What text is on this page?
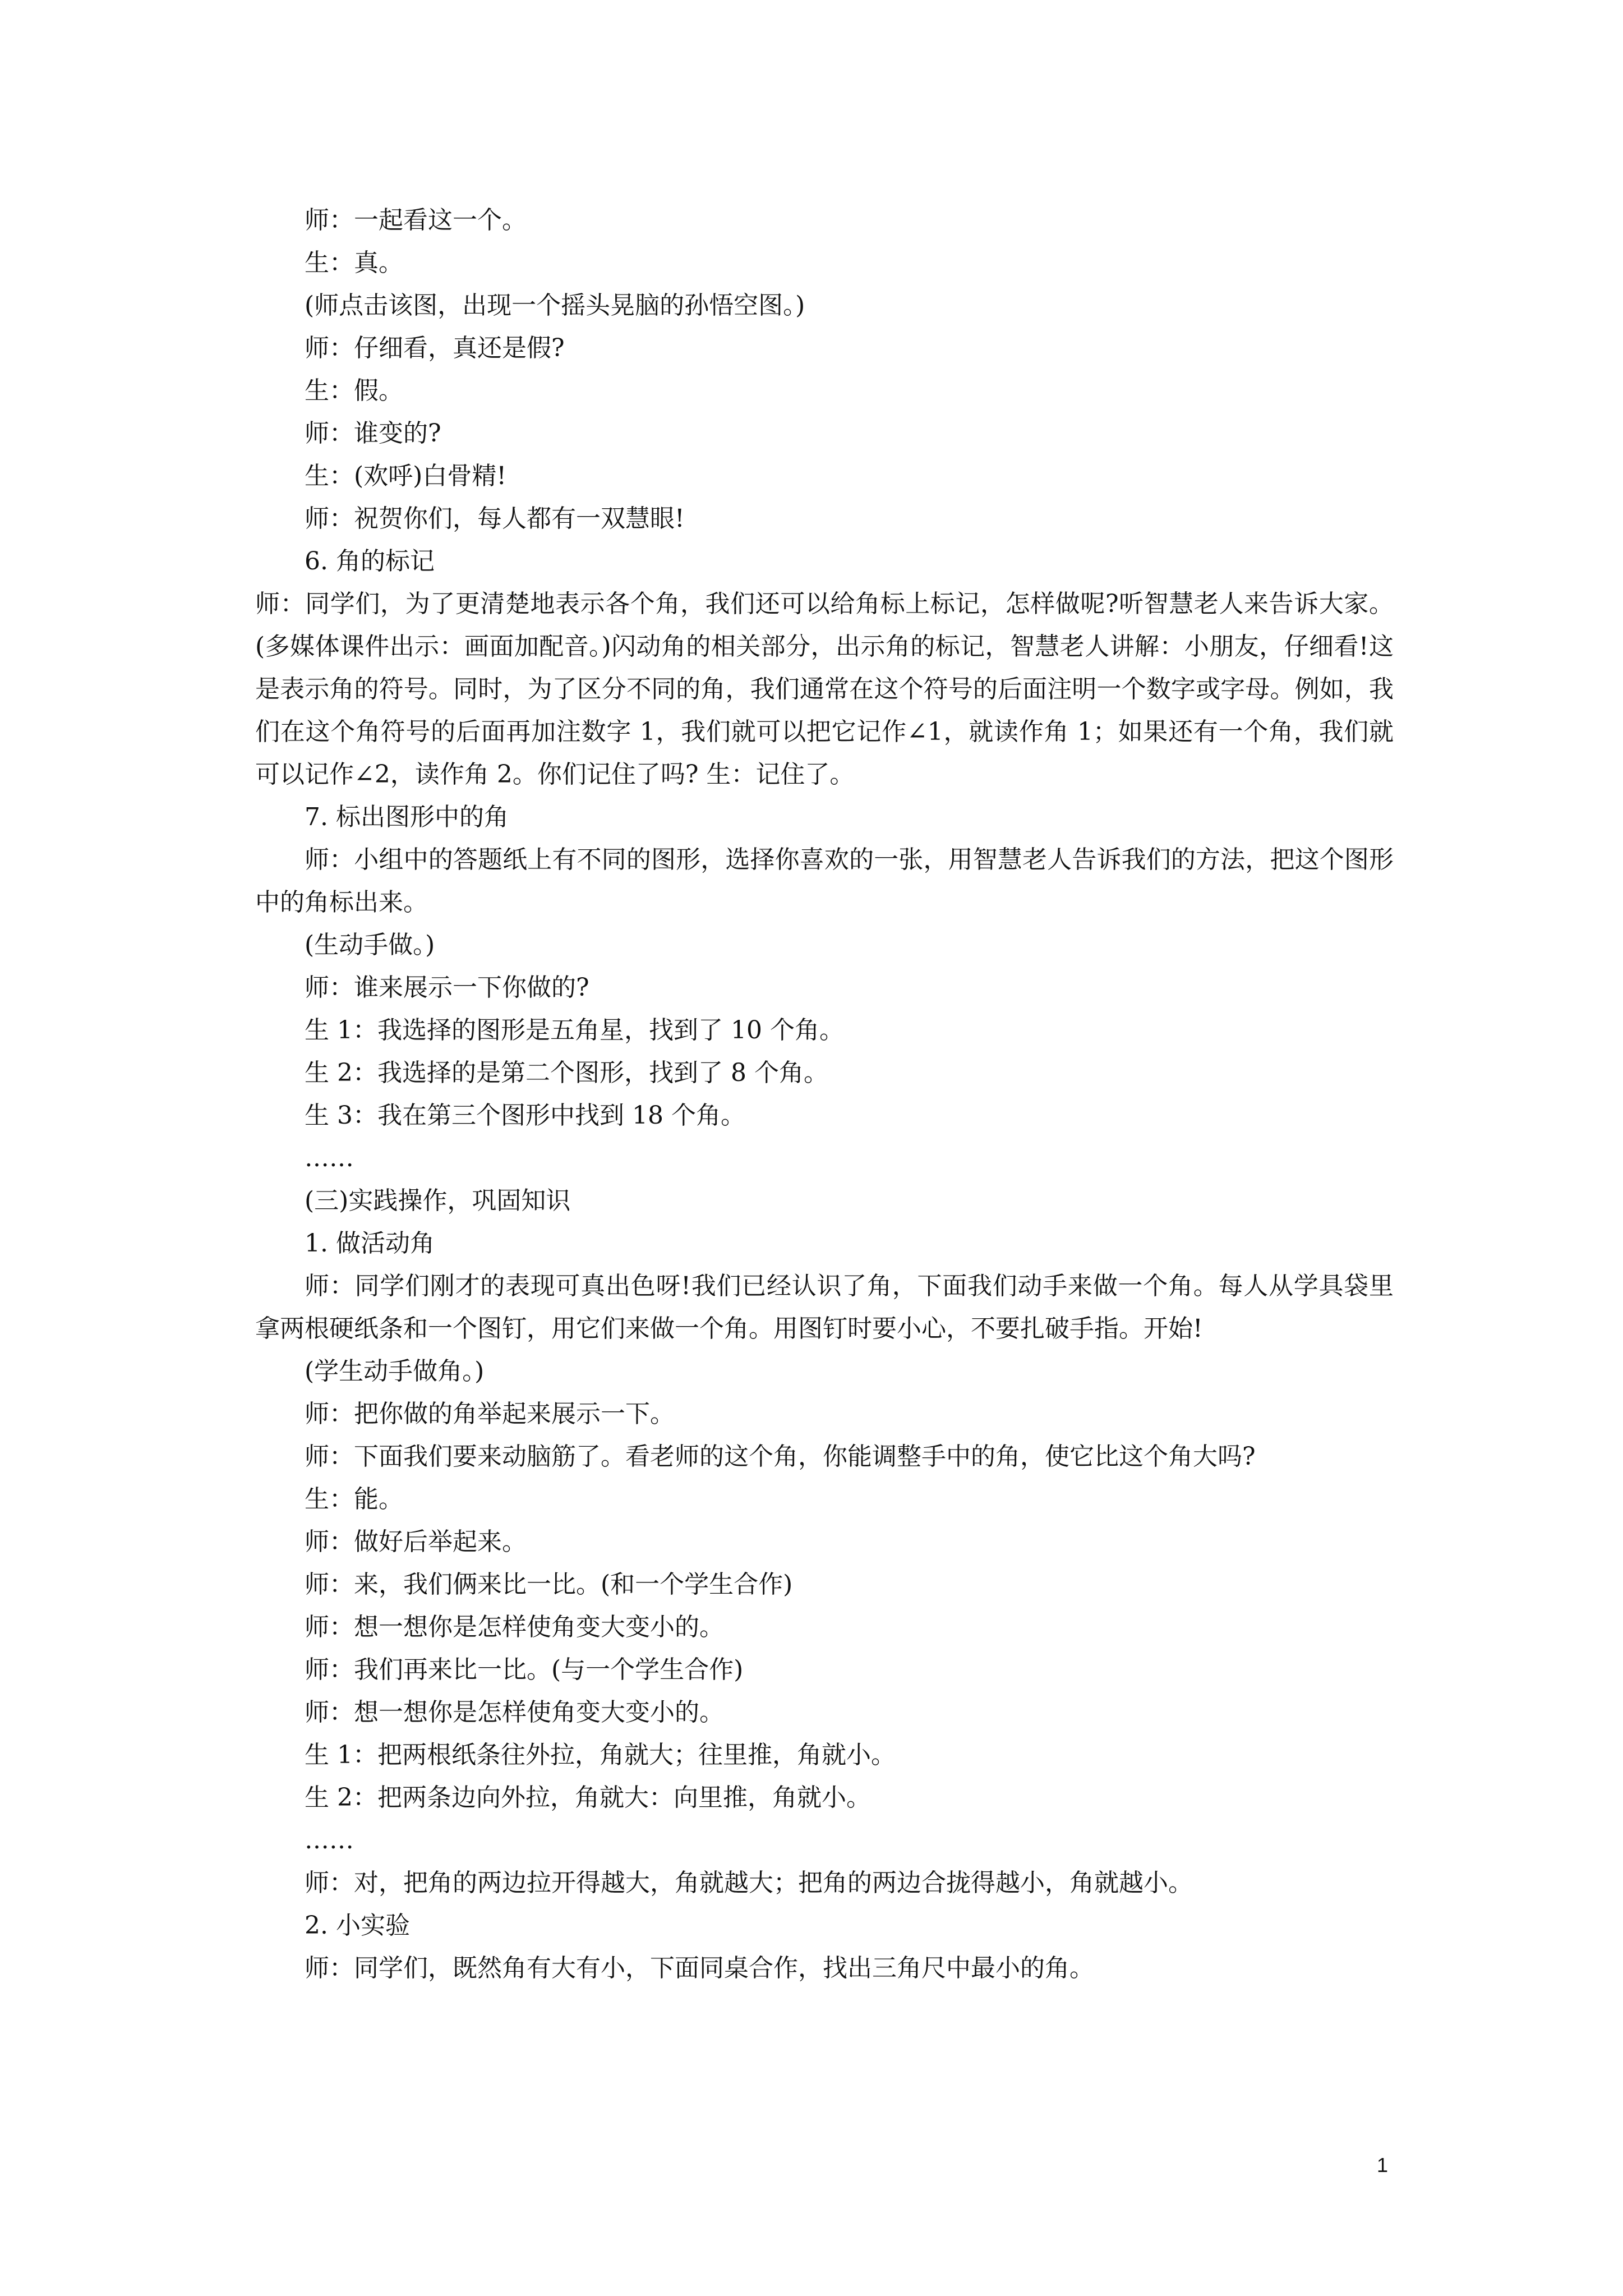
师：一起看这一个。
生：真。
(师点击该图，出现一个摇头晃脑的孙悟空图。)
师：仔细看，真还是假?
生：假。
师：谁变的?
生：(欢呼)白骨精!
师：祝贺你们，每人都有一双慧眼!
6. 角的标记
师：同学们，为了更清楚地表示各个角，我们还可以给角标上标记，怎样做呢?听智慧老人来告诉大家。(多媒体课件出示：画面加配音。)闪动角的相关部分，出示角的标记，智慧老人讲解：小朋友，仔细看!这是表示角的符号。同时，为了区分不同的角，我们通常在这个符号的后面注明一个数字或字母。例如，我们在这个角符号的后面再加注数字 1，我们就可以把它记作∠1，就读作角 1；如果还有一个角，我们就可以记作∠2，读作角 2。你们记住了吗? 生：记住了。
7. 标出图形中的角
师：小组中的答题纸上有不同的图形，选择你喜欢的一张，用智慧老人告诉我们的方法，把这个图形中的角标出来。
(生动手做。)
师：谁来展示一下你做的?
生 1：我选择的图形是五角星，找到了 10 个角。
生 2：我选择的是第二个图形，找到了 8 个角。
生 3：我在第三个图形中找到 18 个角。
……
(三)实践操作，巩固知识
1. 做活动角
师：同学们刚才的表现可真出色呀!我们已经认识了角，下面我们动手来做一个角。每人从学具袋里拿两根硬纸条和一个图钉，用它们来做一个角。用图钉时要小心，不要扎破手指。开始!
(学生动手做角。)
师：把你做的角举起来展示一下。
师：下面我们要来动脑筋了。看老师的这个角，你能调整手中的角，使它比这个角大吗?
生：能。
师：做好后举起来。
师：来，我们俩来比一比。(和一个学生合作)
师：想一想你是怎样使角变大变小的。
师：我们再来比一比。(与一个学生合作)
师：想一想你是怎样使角变大变小的。
生 1：把两根纸条往外拉，角就大；往里推，角就小。
生 2：把两条边向外拉，角就大：向里推，角就小。
……
师：对，把角的两边拉开得越大，角就越大；把角的两边合拢得越小，角就越小。
2. 小实验
师：同学们，既然角有大有小，下面同桌合作，找出三角尺中最小的角。
1
